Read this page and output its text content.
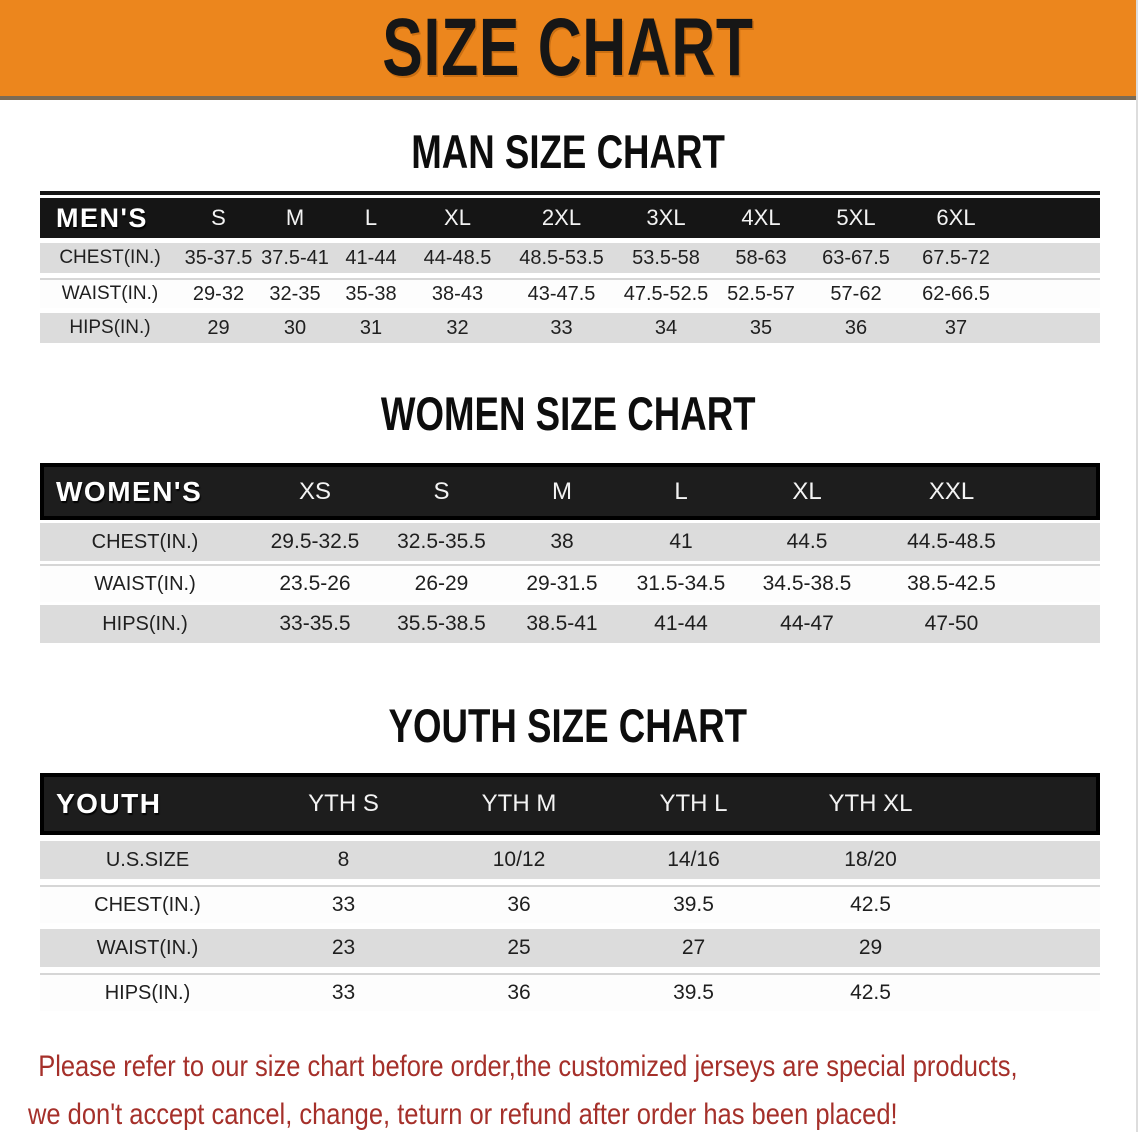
SIZE CHART
MAN SIZE CHART
MEN'S	S	M	L	XL	2XL	3XL	4XL	5XL	6XL
CHEST(IN.)	35-37.5	37.5-41	41-44	44-48.5	48.5-53.5	53.5-58	58-63	63-67.5	67.5-72	
WAIST(IN.)	29-32	32-35	35-38	38-43	43-47.5	47.5-52.5	52.5-57	57-62	62-66.5	
HIPS(IN.)	29	30	31	32	33	34	35	36	37	
WOMEN SIZE CHART
WOMEN'S	XS	S	M	L	XL	XXL
CHEST(IN.)	29.5-32.5	32.5-35.5	38	41	44.5	44.5-48.5	
WAIST(IN.)	23.5-26	26-29	29-31.5	31.5-34.5	34.5-38.5	38.5-42.5	
HIPS(IN.)	33-35.5	35.5-38.5	38.5-41	41-44	44-47	47-50	
YOUTH SIZE CHART
YOUTH	YTH S	YTH M	YTH L	YTH XL
U.S.SIZE	8	10/12	14/16	18/20	
CHEST(IN.)	33	36	39.5	42.5	
WAIST(IN.)	23	25	27	29	
HIPS(IN.)	33	36	39.5	42.5	
Please refer to our size chart before order,the customized jerseys are special products,
we don't accept cancel, change, teturn or refund after order has been placed!
